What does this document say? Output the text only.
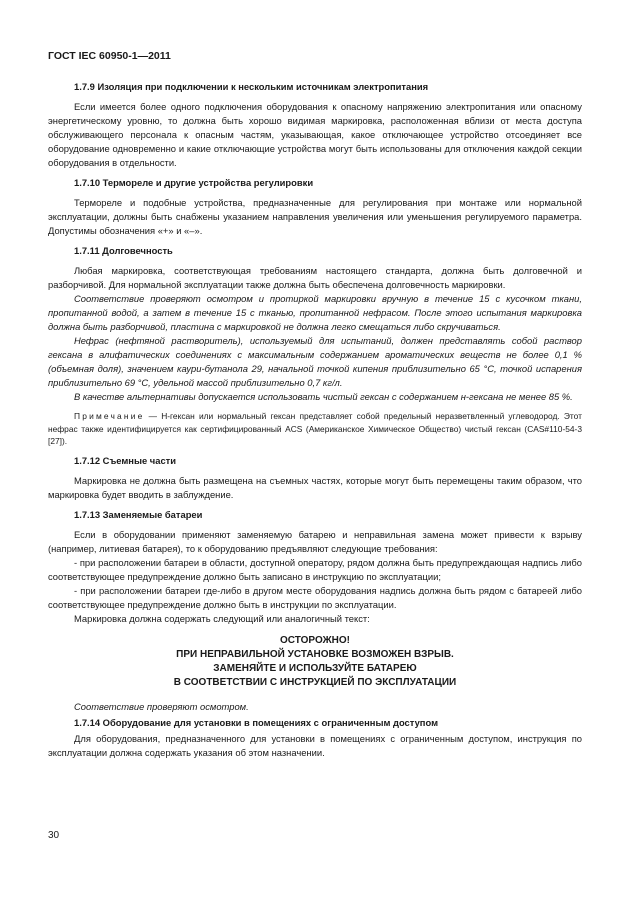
ГОСТ IEC 60950-1—2011

1.7.9 Изоляция при подключении к нескольким источникам электропитания

Если имеется более одного подключения оборудования к опасному напряжению электропитания или опасному энергетическому уровню, то должна быть хорошо видимая маркировка, расположенная вблизи от места доступа обслуживающего персонала к опасным частям, указывающая, какое отключающее устройство отсоединяет все оборудование одновременно и какие отключающие устройства могут быть использованы для отключения каждой секции оборудования в отдельности.

1.7.10 Термореле и другие устройства регулировки

Термореле и подобные устройства, предназначенные для регулирования при монтаже или нормальной эксплуатации, должны быть снабжены указанием направления увеличения или уменьшения регулируемого параметра. Допустимы обозначения «+» и «–».

1.7.11 Долговечность

Любая маркировка, соответствующая требованиям настоящего стандарта, должна быть долговечной и разборчивой. Для нормальной эксплуатации также должна быть обеспечена долговечность маркировки.

Соответствие проверяют осмотром и протиркой маркировки вручную в течение 15 с кусочком ткани, пропитанной водой, а затем в течение 15 с тканью, пропитанной нефрасом. После этого испытания маркировка должна быть разборчивой, пластина с маркировкой не должна легко смещаться либо скручиваться.

Нефрас (нефтяной растворитель), используемый для испытаний, должен представлять собой раствор гексана в алифатических соединениях с максимальным содержанием ароматических веществ не более 0,1 % (объемная доля), значением каури-бутанола 29, начальной точкой кипения приблизительно 65 °С, точкой испарения приблизительно 69 °С, удельной массой приблизительно 0,7 кг/л.

В качестве альтернативы допускается использовать чистый гексан с содержанием н-гексана не менее 85 %.

Примечание — Н-гексан или нормальный гексан представляет собой предельный неразветвленный углеводород. Этот нефрас также идентифицируется как сертифицированный ACS (Американское Химическое Общество) чистый гексан (CAS#110-54-3 [27]).

1.7.12 Съемные части

Маркировка не должна быть размещена на съемных частях, которые могут быть перемещены таким образом, что маркировка будет вводить в заблуждение.

1.7.13 Заменяемые батареи

Если в оборудовании применяют заменяемую батарею и неправильная замена может привести к взрыву (например, литиевая батарея), то к оборудованию предъявляют следующие требования:

- при расположении батареи в области, доступной оператору, рядом должна быть предупреждающая надпись либо соответствующее предупреждение должно быть записано в инструкцию по эксплуатации;

- при расположении батареи где-либо в другом месте оборудования надпись должна быть рядом с батареей либо соответствующее предупреждение должно быть в инструкции по эксплуатации.

Маркировка должна содержать следующий или аналогичный текст:

ОСТОРОЖНО!
ПРИ НЕПРАВИЛЬНОЙ УСТАНОВКЕ ВОЗМОЖЕН ВЗРЫВ.
ЗАМЕНЯЙТЕ И ИСПОЛЬЗУЙТЕ БАТАРЕЮ
В СООТВЕТСТВИИ С ИНСТРУКЦИЕЙ ПО ЭКСПЛУАТАЦИИ

Соответствие проверяют осмотром.

1.7.14 Оборудование для установки в помещениях с ограниченным доступом

Для оборудования, предназначенного для установки в помещениях с ограниченным доступом, инструкция по эксплуатации должна содержать указания об этом назначении.

30
